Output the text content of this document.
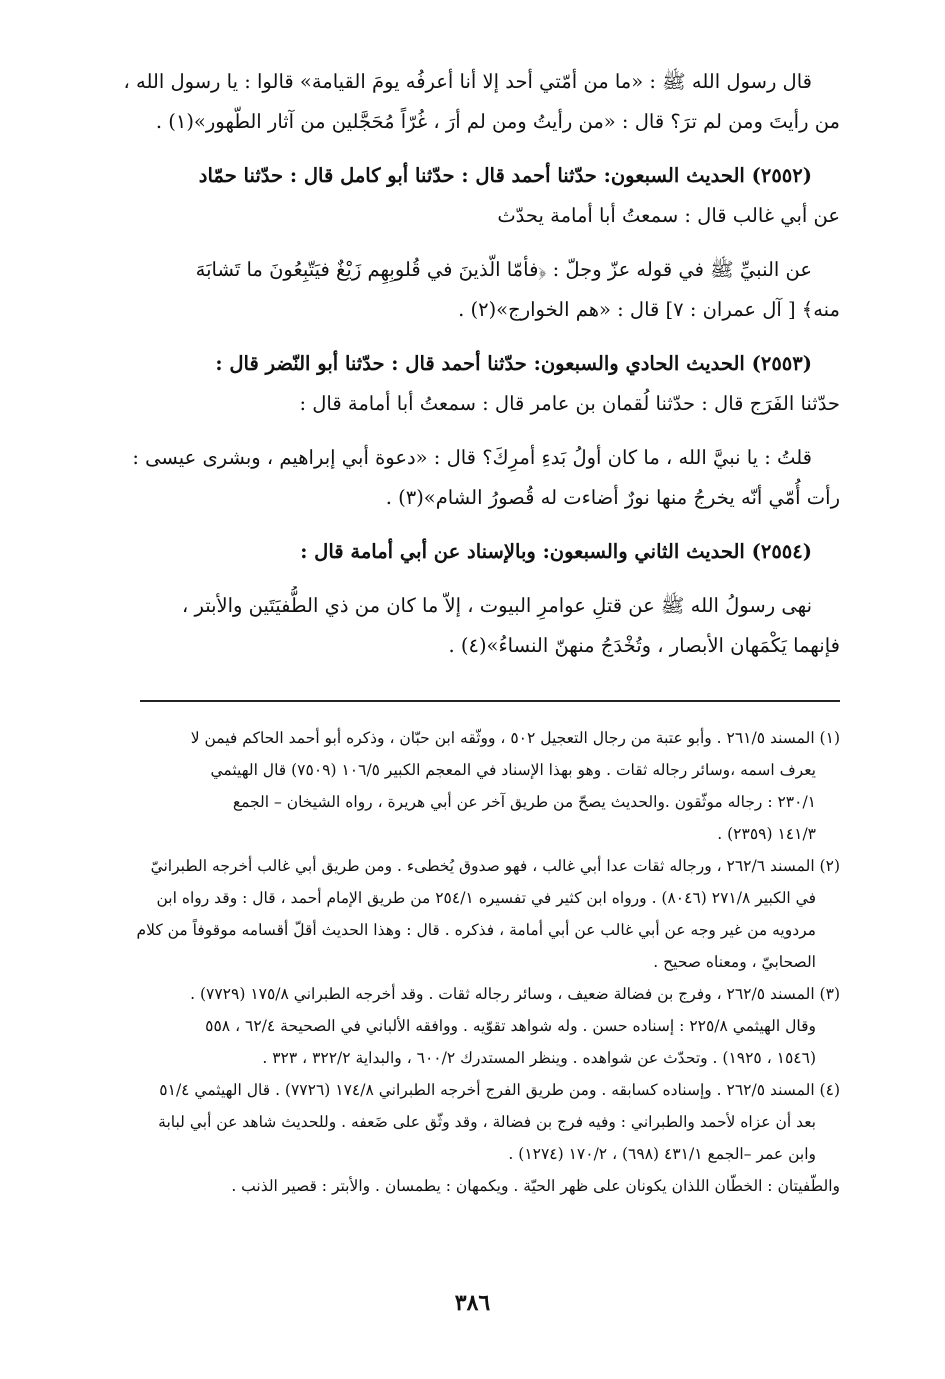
قال رسول الله ﷺ : «ما من أمّتي أحد إلا أنا أعرفُه يومَ القيامة» قالوا : يا رسول الله ،
من رأيتَ ومن لم ترَ؟ قال : «من رأيتُ ومن لم أرَ ، غُرّاً مُحَجَّلين من آثار الطّهور»(١) .
(٢٥٥٢) الحديث السبعون: حدّثنا أحمد قال : حدّثنا أبو كامل قال : حدّثنا حمّاد
عن أبي غالب قال : سمعتُ أبا أمامة يحدّث
عن النبيِّ ﷺ في قوله عزّ وجلّ : ﴿فأمّا الّذينَ في قُلوبِهِم زَيْغٌ فيَتّبِعُونَ ما تَشابَهَ
منه﴾ [ آل عمران : ٧] قال : «هم الخوارج»(٢) .
(٢٥٥٣) الحديث الحادي والسبعون: حدّثنا أحمد قال : حدّثنا أبو النّضر قال :
حدّثنا الفَرَج قال : حدّثنا لُقمان بن عامر قال : سمعتُ أبا أمامة قال :
قلتُ : يا نبيَّ الله ، ما كان أولُ بَدءِ أمرِكَ؟ قال : «دعوة أبي إبراهيم ، وبشرى عيسى :
رأت أُمّي أنّه يخرجُ منها نورٌ أضاءت له قُصورُ الشام»(٣) .
(٢٥٥٤) الحديث الثاني والسبعون: وبالإسناد عن أبي أمامة قال :
نهى رسولُ الله ﷺ عن قتلِ عوامرِ البيوت ، إلاّ ما كان من ذي الطُّفيَتَين والأبتر ،
فإنهما يَكْمَهان الأبصار ، وتُخْدَجُ منهنّ النساءُ»(٤) .
(١) المسند ٢٦١/٥ . وأبو عتبة من رجال التعجيل ٥٠٢ ، ووثّقه ابن حبّان ، وذكره أبو أحمد الحاكم فيمن لا
يعرف اسمه ،وسائر رجاله ثقات . وهو بهذا الإسناد في المعجم الكبير ١٠٦/٥ (٧٥٠٩) قال الهيثمي
٢٣٠/١ : رجاله موثّقون .والحديث يصحّ من طريق آخر عن أبي هريرة ، رواه الشيخان – الجمع
١٤١/٣ (٢٣٥٩) .
(٢) المسند ٢٦٢/٦ ، ورجاله ثقات عدا أبي غالب ، فهو صدوق يُخطىء . ومن طريق أبي غالب أخرجه الطبرانيّ
في الكبير ٢٧١/٨ (٨٠٤٦) . ورواه ابن كثير في تفسيره ٢٥٤/١ من طريق الإمام أحمد ، قال : وقد رواه ابن
مردويه من غير وجه عن أبي غالب عن أبي أمامة ، فذكره . قال : وهذا الحديث أقلّ أقسامه موقوفاً من كلام
الصحابيّ ، ومعناه صحيح .
(٣) المسند ٢٦٢/٥ ، وفرج بن فضالة ضعيف ، وسائر رجاله ثقات . وقد أخرجه الطبراني ١٧٥/٨ (٧٧٢٩) .
وقال الهيثمي ٢٢٥/٨ : إسناده حسن . وله شواهد تقوّيه . ووافقه الألباني في الصحيحة ٦٢/٤ ، ٥٥٨
(١٥٤٦ ، ١٩٢٥) . وتحدّث عن شواهده . وينظر المستدرك ٦٠٠/٢ ، والبداية ٣٢٢/٢ ، ٣٢٣ .
(٤) المسند ٢٦٢/٥ . وإسناده كسابقه . ومن طريق الفرج أخرجه الطبراني ١٧٤/٨ (٧٧٢٦) . قال الهيثمي ٥١/٤
بعد أن عزاه لأحمد والطبراني : وفيه فرج بن فضالة ، وقد وثّق على ضَعفه . وللحديث شاهد عن أبي لبابة
وابن عمر –الجمع ٤٣١/١ (٦٩٨) ، ١٧٠/٢ (١٢٧٤) .
والطّفيتان : الخطّان اللذان يكونان على ظهر الحيّة . ويكمهان : يطمسان . والأبتر : قصير الذنب .
٣٨٦
